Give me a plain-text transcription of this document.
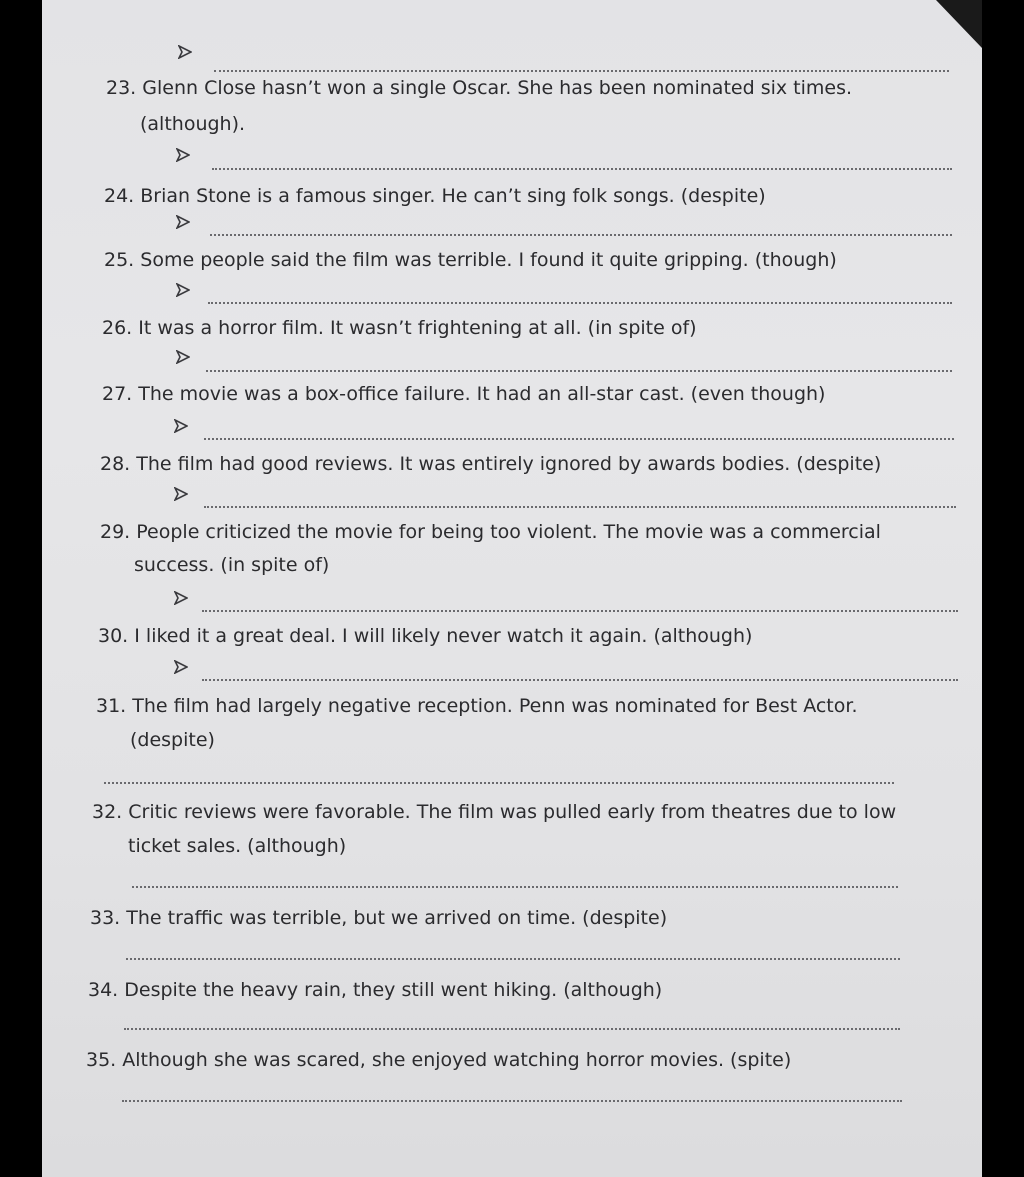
23. Glenn Close hasn’t won a single Oscar. She has been nominated six times.
(although).
24. Brian Stone is a famous singer. He can’t sing folk songs. (despite)
25. Some people said the film was terrible. I found it quite gripping. (though)
26. It was a horror film. It wasn’t frightening at all. (in spite of)
27. The movie was a box-office failure. It had an all-star cast. (even though)
28. The film had good reviews. It was entirely ignored by awards bodies. (despite)
29. People criticized the movie for being too violent. The movie was a commercial
success. (in spite of)
30. I liked it a great deal. I will likely never watch it again. (although)
31. The film had largely negative reception. Penn was nominated for Best Actor.
(despite)
32. Critic reviews were favorable. The film was pulled early from theatres due to low
ticket sales. (although)
33. The traffic was terrible, but we arrived on time. (despite)
34. Despite the heavy rain, they still went hiking. (although)
35. Although she was scared, she enjoyed watching horror movies. (spite)
